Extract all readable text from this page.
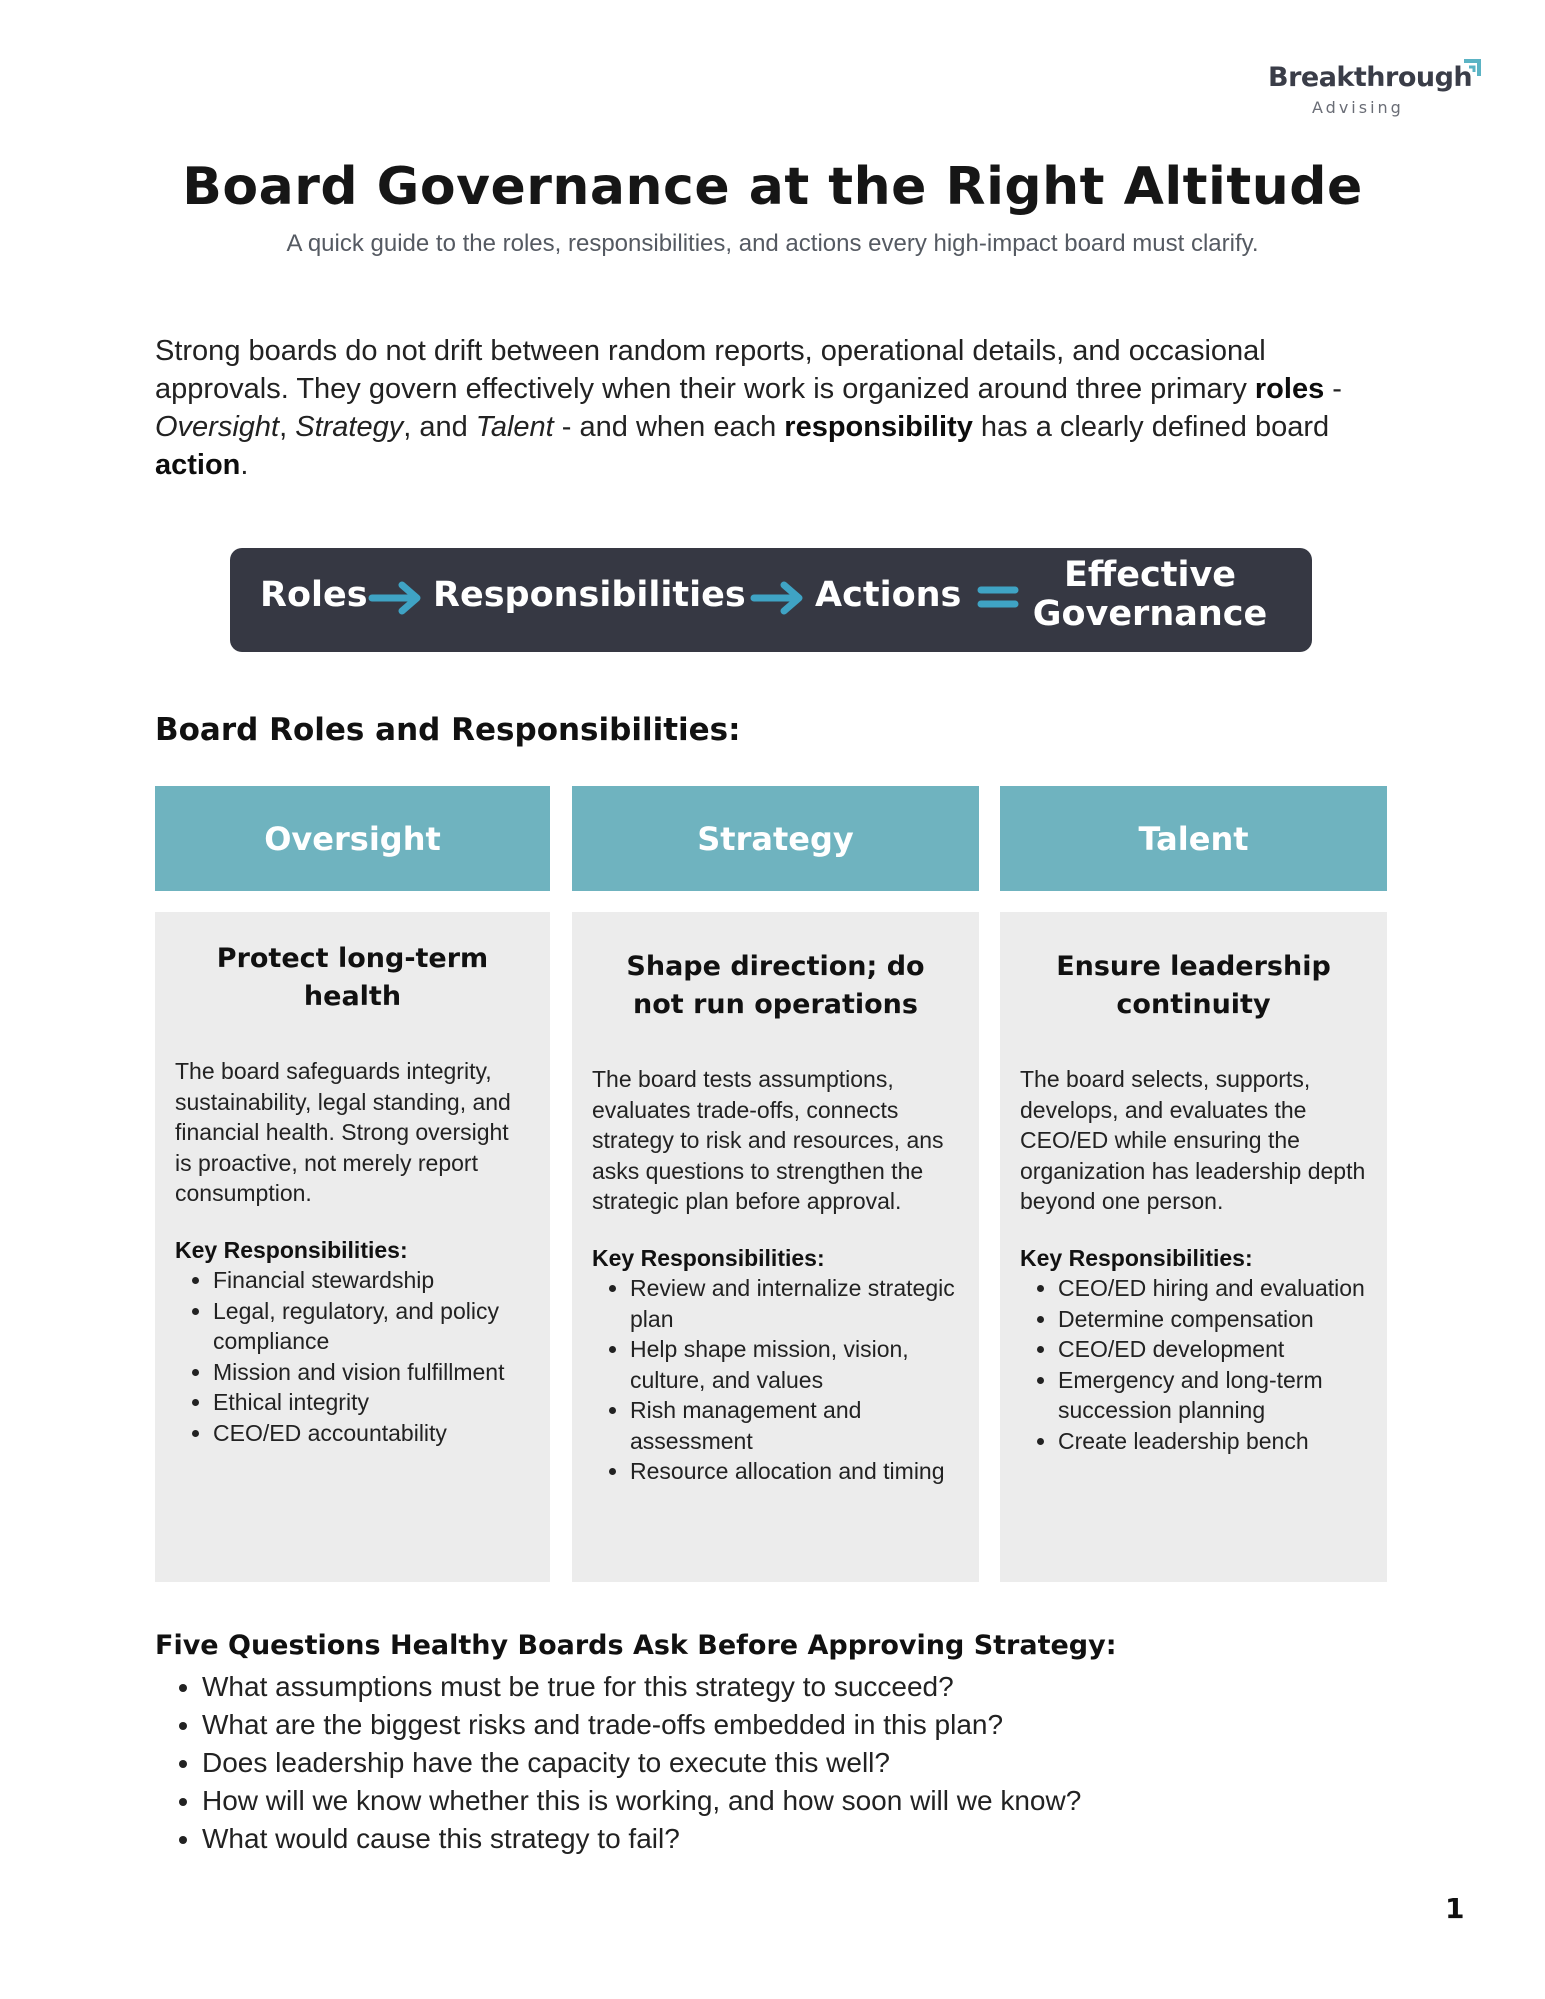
Breakthrough
Advising
Board Governance at the Right Altitude

A quick guide to the roles, responsibilities, and actions every high-impact board must clarify.

Strong boards do not drift between random reports, operational details, and occasional approvals. They govern effectively when their work is organized around three primary roles - Oversight, Strategy, and Talent - and when each responsibility has a clearly defined board action.

Roles Responsibilities Actions	Effective Governance
Board Roles and Responsibilities:
Oversight	Strategy	Talent
Protect long-term health

The board safeguards integrity, sustainability, legal standing, and financial health. Strong oversight is proactive, not merely report consumption.

Key Responsibilities:

• Financial stewardship
• Legal, regulatory, and policy compliance
• Mission and vision fulfillment
• Ethical integrity
• CEO/ED accountability
Shape direction; do not run operations

The board tests assumptions, evaluates trade-offs, connects strategy to risk and resources, ans asks questions to strengthen the strategic plan before approval.

Key Responsibilities:

• Review and internalize strategic plan
• Help shape mission, vision, culture, and values
• Rish management and assessment
• Resource allocation and timing
Ensure leadership continuity

The board selects, supports, develops, and evaluates the CEO/ED while ensuring the organization has leadership depth beyond one person.

Key Responsibilities:

• CEO/ED hiring and evaluation
• Determine compensation
• CEO/ED development
• Emergency and long-term succession planning
• Create leadership bench
Five Questions Healthy Boards Ask Before Approving Strategy:
• What assumptions must be true for this strategy to succeed?
• What are the biggest risks and trade-offs embedded in this plan?
• Does leadership have the capacity to execute this well?
• How will we know whether this is working, and how soon will we know?
• What would cause this strategy to fail?
1
